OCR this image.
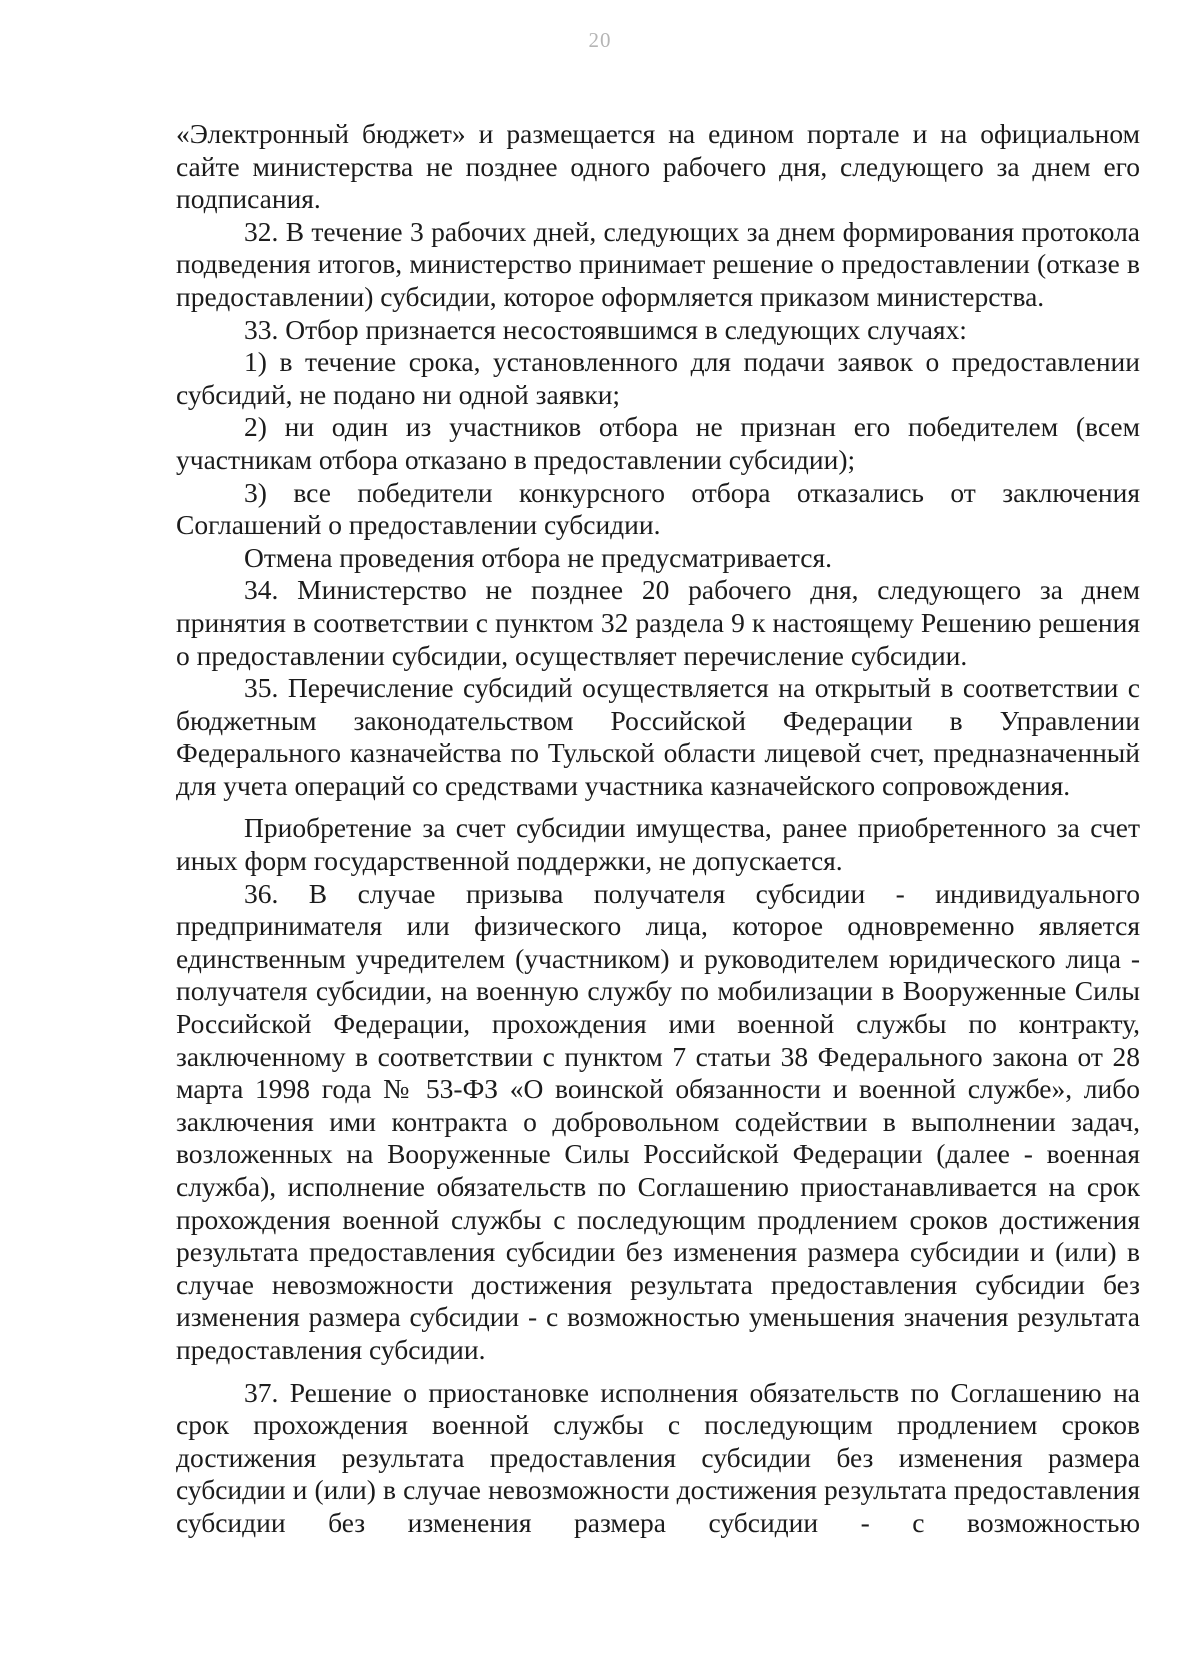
20

«Электронный бюджет» и размещается на едином портале и на официальном сайте министерства не позднее одного рабочего дня, следующего за днем его подписания.

32. В течение 3 рабочих дней, следующих за днем формирования протокола подведения итогов, министерство принимает решение о предоставлении (отказе в предоставлении) субсидии, которое оформляется приказом министерства.

33. Отбор признается несостоявшимся в следующих случаях:

1) в течение срока, установленного для подачи заявок о предоставлении субсидий, не подано ни одной заявки;

2) ни один из участников отбора не признан его победителем (всем участникам отбора отказано в предоставлении субсидии);

3) все победители конкурсного отбора отказались от заключения Соглашений о предоставлении субсидии.

Отмена проведения отбора не предусматривается.

34. Министерство не позднее 20 рабочего дня, следующего за днем принятия в соответствии с пунктом 32 раздела 9 к настоящему Решению решения о предоставлении субсидии, осуществляет перечисление субсидии.

35. Перечисление субсидий осуществляется на открытый в соответствии с бюджетным законодательством Российской Федерации в Управлении Федерального казначейства по Тульской области лицевой счет, предназначенный для учета операций со средствами участника казначейского сопровождения.

Приобретение за счет субсидии имущества, ранее приобретенного за счет иных форм государственной поддержки, не допускается.

36. В случае призыва получателя субсидии - индивидуального предпринимателя или физического лица, которое одновременно является единственным учредителем (участником) и руководителем юридического лица - получателя субсидии, на военную службу по мобилизации в Вооруженные Силы Российской Федерации, прохождения ими военной службы по контракту, заключенному в соответствии с пунктом 7 статьи 38 Федерального закона от 28 марта 1998 года № 53-ФЗ «О воинской обязанности и военной службе», либо заключения ими контракта о добровольном содействии в выполнении задач, возложенных на Вооруженные Силы Российской Федерации (далее - военная служба), исполнение обязательств по Соглашению приостанавливается на срок прохождения военной службы с последующим продлением сроков достижения результата предоставления субсидии без изменения размера субсидии и (или) в случае невозможности достижения результата предоставления субсидии без изменения размера субсидии - с возможностью уменьшения значения результата предоставления субсидии.

37. Решение о приостановке исполнения обязательств по Соглашению на срок прохождения военной службы с последующим продлением сроков достижения результата предоставления субсидии без изменения размера субсидии и (или) в случае невозможности достижения результата предоставления субсидии без изменения размера субсидии - с возможностью
